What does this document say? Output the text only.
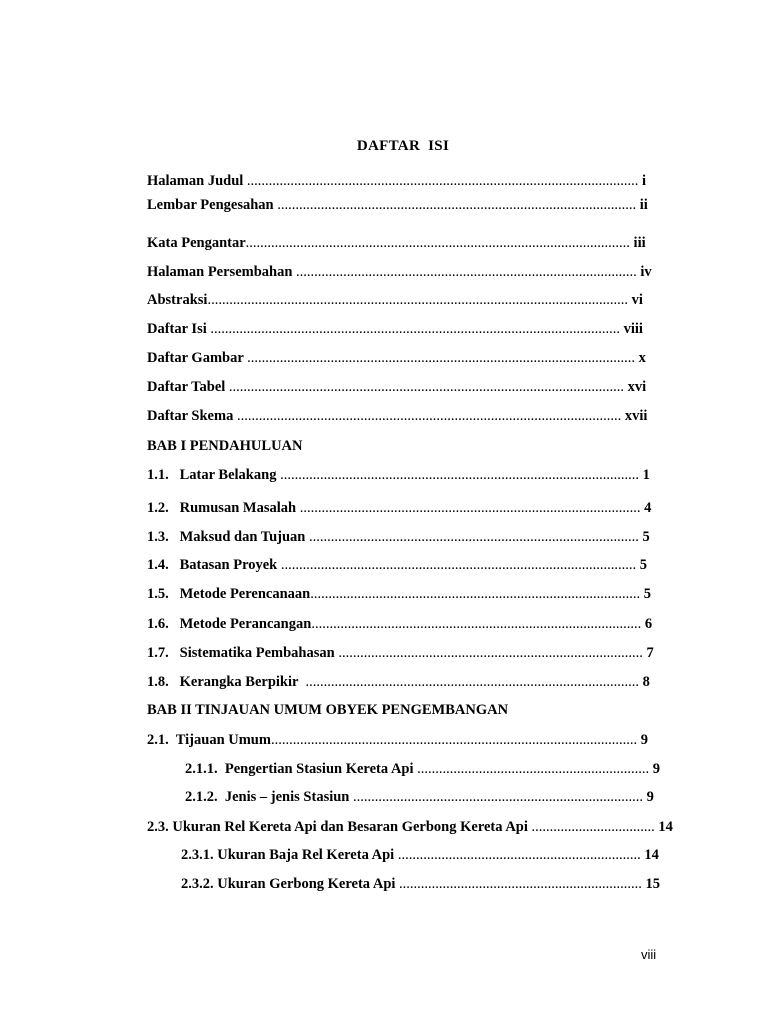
DAFTAR  ISI
Halaman Judul ............................................................................................................ i
Lembar Pengesahan ................................................................................................... ii
Kata Pengantar.......................................................................................................... iii
Halaman Persembahan .............................................................................................. iv
Abstraksi.................................................................................................................... vi
Daftar Isi ................................................................................................................. viii
Daftar Gambar ........................................................................................................... x
Daftar Tabel ............................................................................................................. xvi
Daftar Skema .......................................................................................................... xvii
BAB I PENDAHULUAN
1.1.   Latar Belakang ................................................................................................... 1
1.2.   Rumusan Masalah .............................................................................................. 4
1.3.   Maksud dan Tujuan ........................................................................................... 5
1.4.   Batasan Proyek .................................................................................................. 5
1.5.   Metode Perencanaan........................................................................................... 5
1.6.   Metode Perancangan........................................................................................... 6
1.7.   Sistematika Pembahasan .................................................................................... 7
1.8.   Kerangka Berpikir  ............................................................................................ 8
BAB II TINJAUAN UMUM OBYEK PENGEMBANGAN
2.1.  Tijauan Umum..................................................................................................... 9
2.1.1.  Pengertian Stasiun Kereta Api ................................................................ 9
2.1.2.  Jenis – jenis Stasiun ................................................................................ 9
2.3. Ukuran Rel Kereta Api dan Besaran Gerbong Kereta Api .................................. 14
2.3.1. Ukuran Baja Rel Kereta Api ................................................................... 14
2.3.2. Ukuran Gerbong Kereta Api ................................................................... 15
viii
